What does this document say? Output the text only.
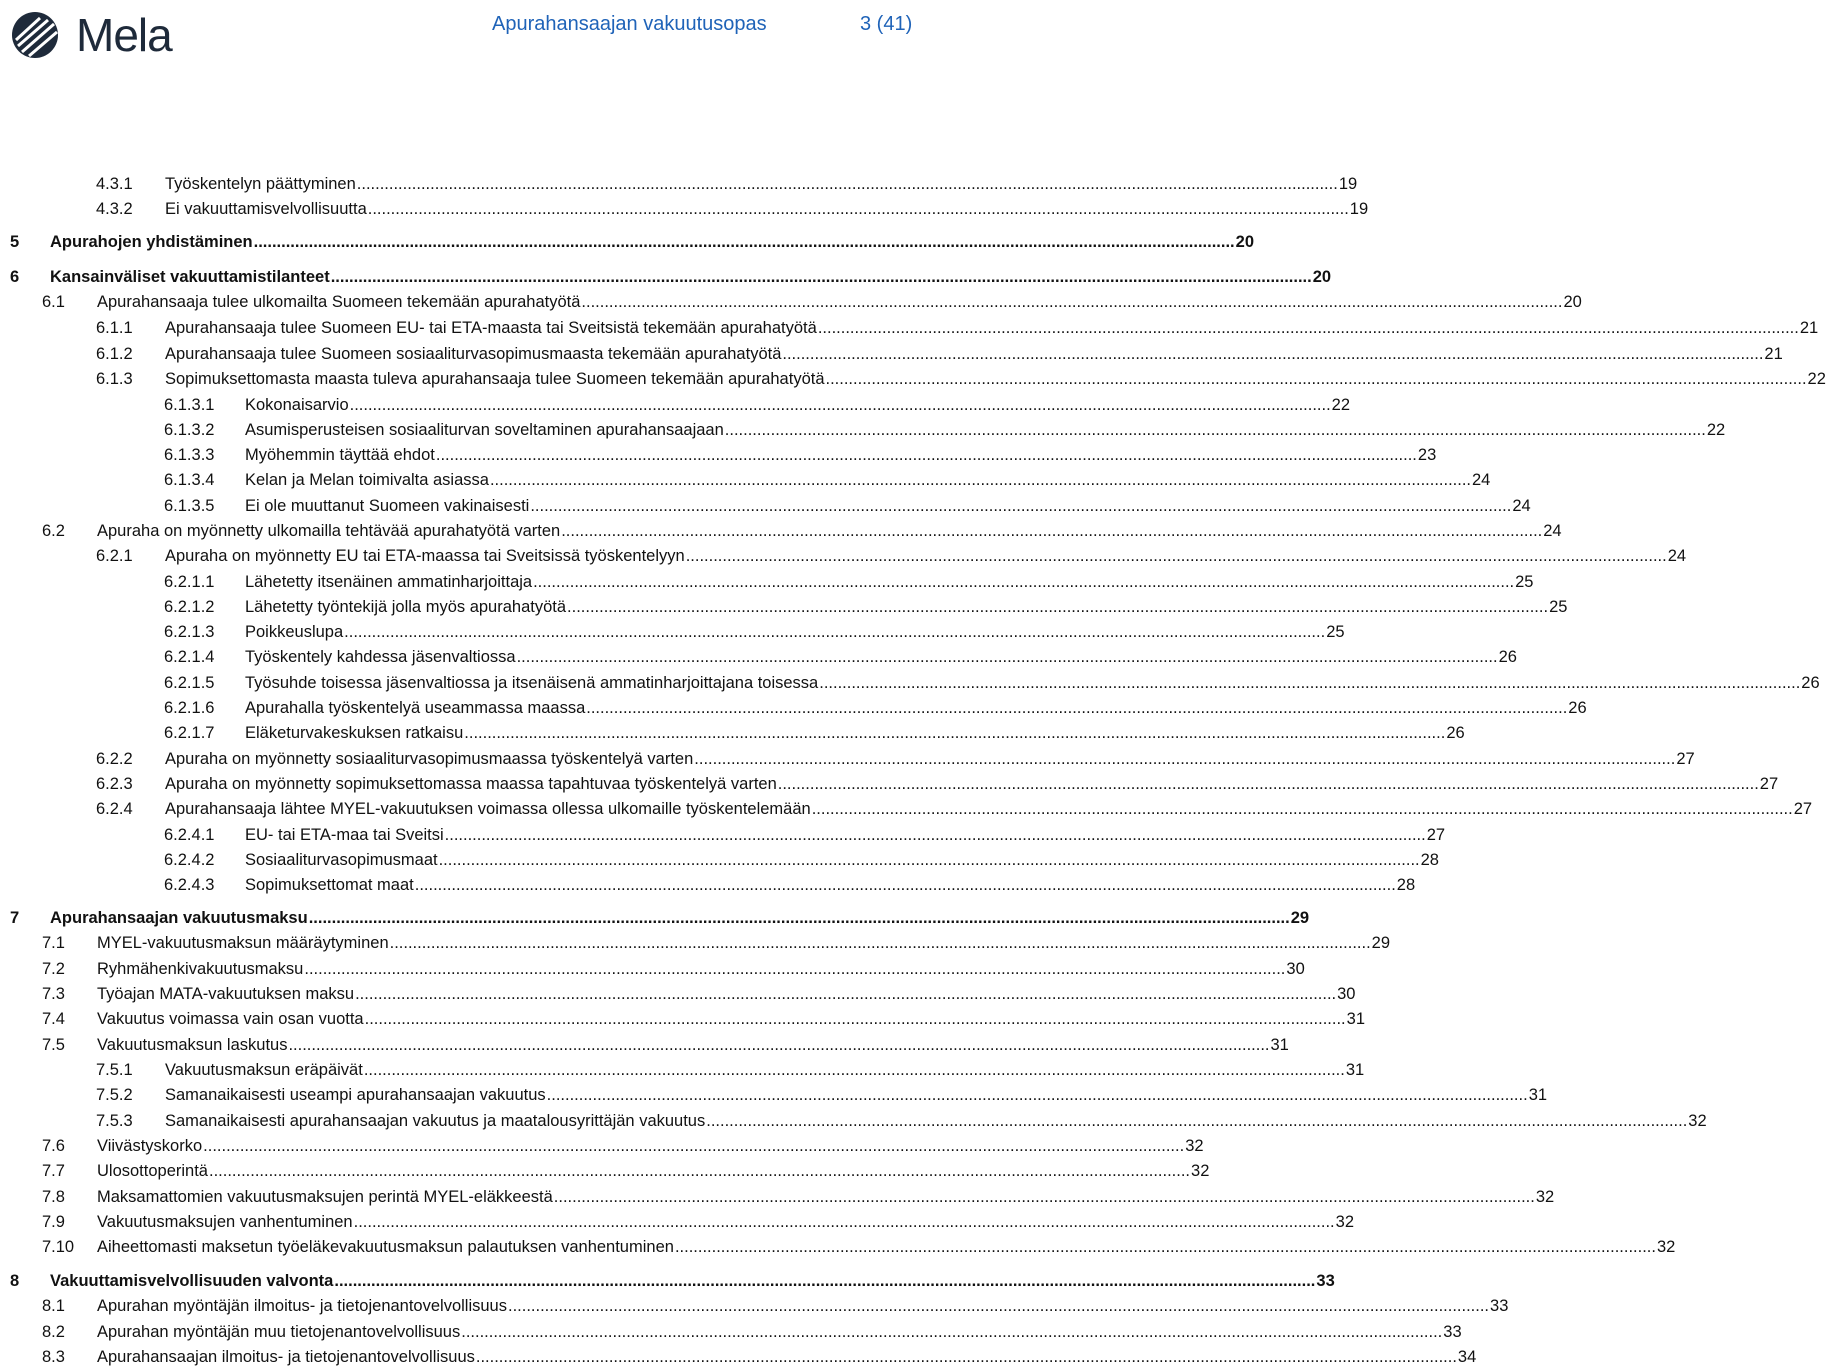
Mela	Apurahansaajan vakuutusopas	3 (41)
4.3.1	Työskentelyn päättyminen .....	19
4.3.2	Ei vakuuttamisvelvollisuutta .....	19
5	Apurahojen yhdistäminen .....	20
6	Kansainväliset vakuuttamistilanteet .....	20
6.1	Apurahansaaja tulee ulkomailta Suomeen tekemään apurahatyötä .....	20
6.1.1	Apurahansaaja tulee Suomeen EU- tai ETA-maasta tai Sveitsistä tekemään apurahatyötä .....	21
6.1.2	Apurahansaaja tulee Suomeen sosiaaliturvasopimusmaasta tekemään apurahatyötä .....	21
6.1.3	Sopimuksettomasta maasta tuleva apurahansaaja tulee Suomeen tekemään apurahatyötä .....	22
6.1.3.1	Kokonaisarvio .....	22
6.1.3.2	Asumisperusteisen sosiaaliturvan soveltaminen apurahansaajaan .....	22
6.1.3.3	Myöhemmin täyttää ehdot .....	23
6.1.3.4	Kelan ja Melan toimivalta asiassa .....	24
6.1.3.5	Ei ole muuttanut Suomeen vakinaisesti .....	24
6.2	Apuraha on myönnetty ulkomailla tehtävää apurahatyötä varten .....	24
6.2.1	Apuraha on myönnetty EU tai ETA-maassa tai Sveitsissä työskentelyyn .....	24
6.2.1.1	Lähetetty itsenäinen ammatinharjoittaja .....	25
6.2.1.2	Lähetetty työntekijä jolla myös apurahatyötä .....	25
6.2.1.3	Poikkeuslupa .....	25
6.2.1.4	Työskentely kahdessa jäsenvaltiossa .....	26
6.2.1.5	Työsuhde toisessa jäsenvaltiossa ja itsenäisenä ammatinharjoittajana toisessa .....	26
6.2.1.6	Apurahalla työskentelyä useammassa maassa .....	26
6.2.1.7	Eläketurvakeskuksen ratkaisu .....	26
6.2.2	Apuraha on myönnetty sosiaaliturvasopimusmaassa työskentelyä varten .....	27
6.2.3	Apuraha on myönnetty sopimuksettomassa maassa tapahtuvaa työskentelyä varten .....	27
6.2.4	Apurahansaaja lähtee MYEL-vakuutuksen voimassa ollessa ulkomaille työskentelemään .....	27
6.2.4.1	EU- tai ETA-maa tai Sveitsi .....	27
6.2.4.2	Sosiaaliturvasopimusmaat .....	28
6.2.4.3	Sopimuksettomat maat .....	28
7	Apurahansaajan vakuutusmaksu .....	29
7.1	MYEL-vakuutusmaksun määräytyminen .....	29
7.2	Ryhmähenkivakuutusmaksu .....	30
7.3	Työajan MATA-vakuutuksen maksu .....	30
7.4	Vakuutus voimassa vain osan vuotta .....	31
7.5	Vakuutusmaksun laskutus .....	31
7.5.1	Vakuutusmaksun eräpäivät .....	31
7.5.2	Samanaikaisesti useampi apurahansaajan vakuutus .....	31
7.5.3	Samanaikaisesti apurahansaajan vakuutus ja maatalousyrittäjän vakuutus .....	32
7.6	Viivästyskorko .....	32
7.7	Ulosottoperintä .....	32
7.8	Maksamattomien vakuutusmaksujen perintä MYEL-eläkkeestä .....	32
7.9	Vakuutusmaksujen vanhentuminen .....	32
7.10	Aiheettomasti maksetun työeläkevakuutusmaksun palautuksen vanhentuminen .....	32
8	Vakuuttamisvelvollisuuden valvonta .....	33
8.1	Apurahan myöntäjän ilmoitus- ja tietojenantovelvollisuus .....	33
8.2	Apurahan myöntäjän muu tietojenantovelvollisuus .....	33
8.3	Apurahansaajan ilmoitus- ja tietojenantovelvollisuus .....	34
